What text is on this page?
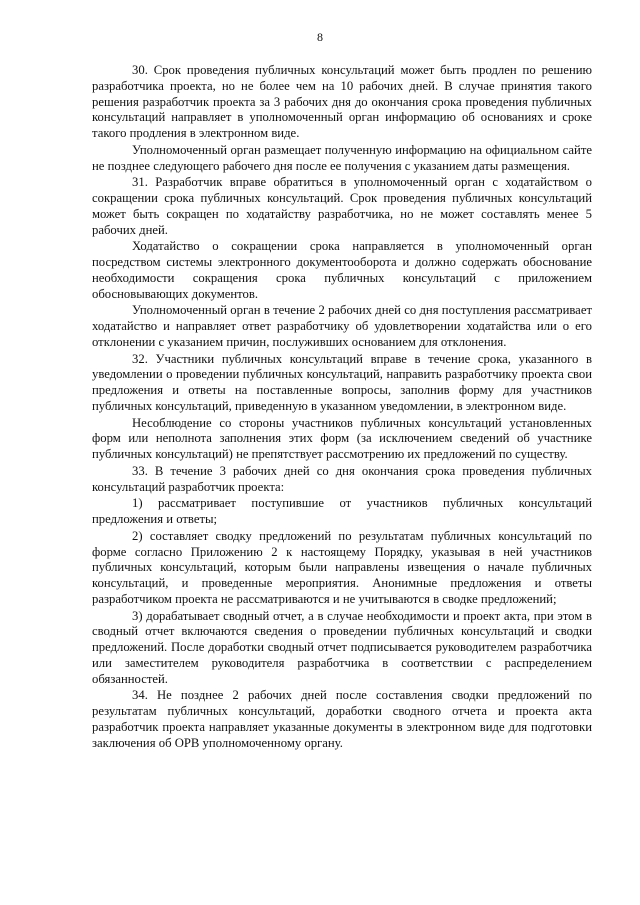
8

30. Срок проведения публичных консультаций может быть продлен по решению разработчика проекта, но не более чем на 10 рабочих дней. В случае принятия такого решения разработчик проекта за 3 рабочих дня до окончания срока проведения публичных консультаций направляет в уполномоченный орган информацию об основаниях и сроке такого продления в электронном виде.

Уполномоченный орган размещает полученную информацию на официальном сайте не позднее следующего рабочего дня после ее получения с указанием даты размещения.

31. Разработчик вправе обратиться в уполномоченный орган с ходатайством о сокращении срока публичных консультаций. Срок проведения публичных консультаций может быть сокращен по ходатайству разработчика, но не может составлять менее 5 рабочих дней.

Ходатайство о сокращении срока направляется в уполномоченный орган посредством системы электронного документооборота и должно содержать обоснование необходимости сокращения срока публичных консультаций с приложением обосновывающих документов.

Уполномоченный орган в течение 2 рабочих дней со дня поступления рассматривает ходатайство и направляет ответ разработчику об удовлетворении ходатайства или о его отклонении с указанием причин, послуживших основанием для отклонения.

32. Участники публичных консультаций вправе в течение срока, указанного в уведомлении о проведении публичных консультаций, направить разработчику проекта свои предложения и ответы на поставленные вопросы, заполнив форму для участников публичных консультаций, приведенную в указанном уведомлении, в электронном виде.

Несоблюдение со стороны участников публичных консультаций установленных форм или неполнота заполнения этих форм (за исключением сведений об участнике публичных консультаций) не препятствует рассмотрению их предложений по существу.

33. В течение 3 рабочих дней со дня окончания срока проведения публичных консультаций разработчик проекта:

1) рассматривает поступившие от участников публичных консультаций предложения и ответы;

2) составляет сводку предложений по результатам публичных консультаций по форме согласно Приложению 2 к настоящему Порядку, указывая в ней участников публичных консультаций, которым были направлены извещения о начале публичных консультаций, и проведенные мероприятия. Анонимные предложения и ответы разработчиком проекта не рассматриваются и не учитываются в сводке предложений;

3) дорабатывает сводный отчет, а в случае необходимости и проект акта, при этом в сводный отчет включаются сведения о проведении публичных консультаций и сводки предложений. После доработки сводный отчет подписывается руководителем разработчика или заместителем руководителя разработчика в соответствии с распределением обязанностей.

34. Не позднее 2 рабочих дней после составления сводки предложений по результатам публичных консультаций, доработки сводного отчета и проекта акта разработчик проекта направляет указанные документы в электронном виде для подготовки заключения об ОРВ уполномоченному органу.
